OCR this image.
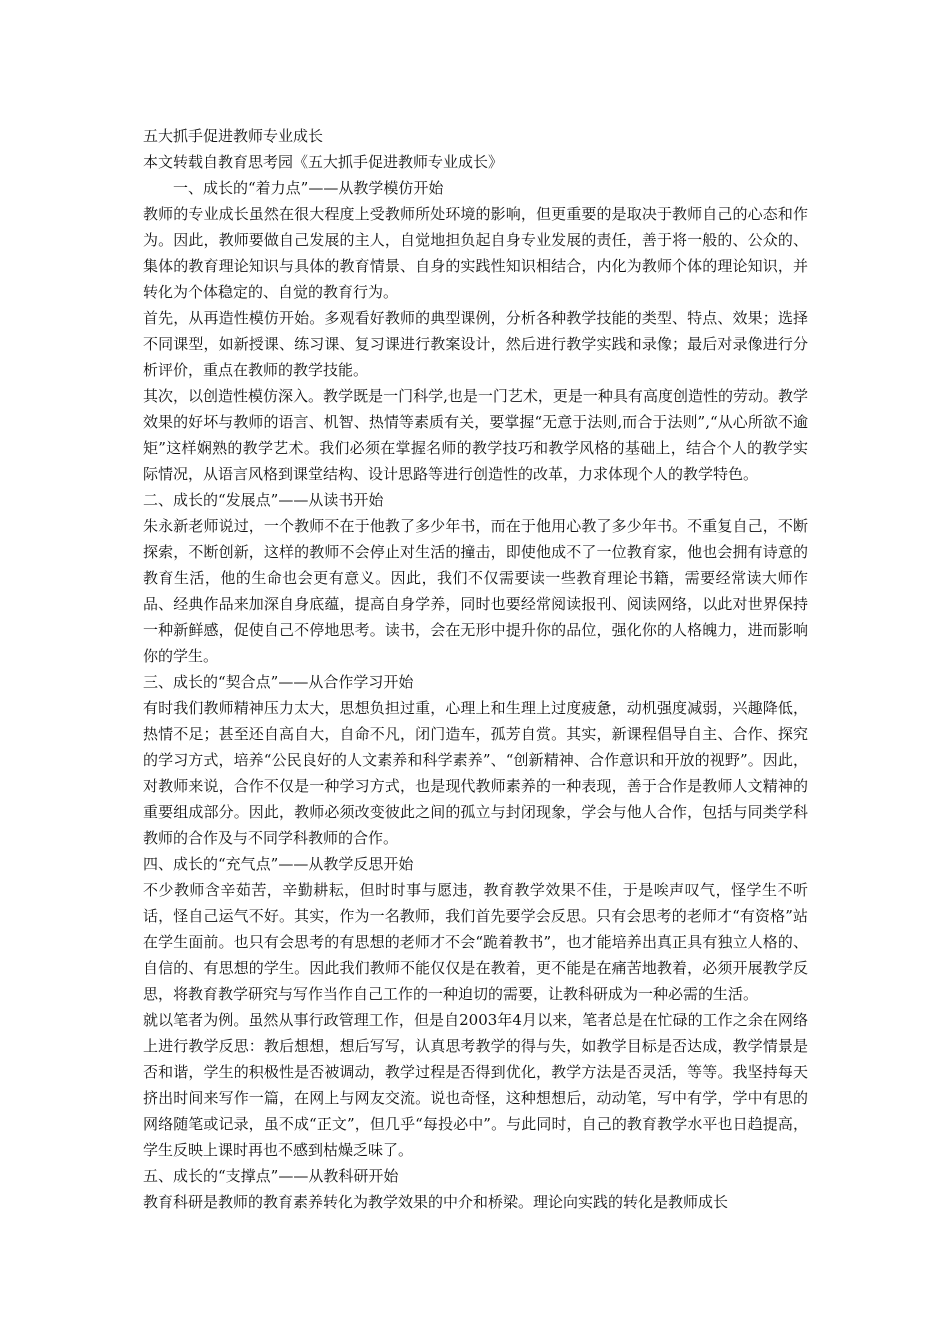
五大抓手促进教师专业成长
本文转载自教育思考园《五大抓手促进教师专业成长》
一、成长的“着力点”——从教学模仿开始

教师的专业成长虽然在很大程度上受教师所处环境的影响，但更重要的是取决于教师自己的心态和作为。因此，教师要做自己发展的主人，自觉地担负起自身专业发展的责任，善于将一般的、公众的、集体的教育理论知识与具体的教育情景、自身的实践性知识相结合，内化为教师个体的理论知识，并转化为个体稳定的、自觉的教育行为。

首先，从再造性模仿开始。多观看好教师的典型课例，分析各种教学技能的类型、特点、效果；选择不同课型，如新授课、练习课、复习课进行教案设计，然后进行教学实践和录像；最后对录像进行分析评价，重点在教师的教学技能。

其次，以创造性模仿深入。教学既是一门科学,也是一门艺术，更是一种具有高度创造性的劳动。教学效果的好坏与教师的语言、机智、热情等素质有关，要掌握“无意于法则,而合于法则”,“从心所欲不逾矩”这样娴熟的教学艺术。我们必须在掌握名师的教学技巧和教学风格的基础上，结合个人的教学实际情况，从语言风格到课堂结构、设计思路等进行创造性的改革，力求体现个人的教学特色。

二、成长的“发展点”——从读书开始

朱永新老师说过，一个教师不在于他教了多少年书，而在于他用心教了多少年书。不重复自己，不断探索，不断创新，这样的教师不会停止对生活的撞击，即使他成不了一位教育家，他也会拥有诗意的教育生活，他的生命也会更有意义。因此，我们不仅需要读一些教育理论书籍，需要经常读大师作品、经典作品来加深自身底蕴，提高自身学养，同时也要经常阅读报刊、阅读网络，以此对世界保持一种新鲜感，促使自己不停地思考。读书，会在无形中提升你的品位，强化你的人格魄力，进而影响你的学生。

三、成长的“契合点”——从合作学习开始

有时我们教师精神压力太大，思想负担过重，心理上和生理上过度疲惫，动机强度减弱，兴趣降低，热情不足；甚至还自高自大，自命不凡，闭门造车，孤芳自赏。其实，新课程倡导自主、合作、探究的学习方式，培养“公民良好的人文素养和科学素养”、“创新精神、合作意识和开放的视野”。因此，对教师来说，合作不仅是一种学习方式，也是现代教师素养的一种表现，善于合作是教师人文精神的重要组成部分。因此，教师必须改变彼此之间的孤立与封闭现象，学会与他人合作，包括与同类学科教师的合作及与不同学科教师的合作。

四、成长的“充气点”——从教学反思开始

不少教师含辛茹苦，辛勤耕耘，但时时事与愿违，教育教学效果不佳，于是唉声叹气，怪学生不听话，怪自己运气不好。其实，作为一名教师，我们首先要学会反思。只有会思考的老师才“有资格”站在学生面前。也只有会思考的有思想的老师才不会“跪着教书”，也才能培养出真正具有独立人格的、自信的、有思想的学生。因此我们教师不能仅仅是在教着，更不能是在痛苦地教着，必须开展教学反思，将教育教学研究与写作当作自己工作的一种迫切的需要，让教科研成为一种必需的生活。

就以笔者为例。虽然从事行政管理工作，但是自2003年4月以来，笔者总是在忙碌的工作之余在网络上进行教学反思：教后想想，想后写写，认真思考教学的得与失，如教学目标是否达成，教学情景是否和谐，学生的积极性是否被调动，教学过程是否得到优化，教学方法是否灵活，等等。我坚持每天挤出时间来写作一篇，在网上与网友交流。说也奇怪，这种想想后，动动笔，写中有学，学中有思的网络随笔或记录，虽不成“正文”，但几乎“每投必中”。与此同时，自己的教育教学水平也日趋提高，学生反映上课时再也不感到枯燥乏味了。

五、成长的“支撑点”——从教科研开始

教育科研是教师的教育素养转化为教学效果的中介和桥梁。理论向实践的转化是教师成长
